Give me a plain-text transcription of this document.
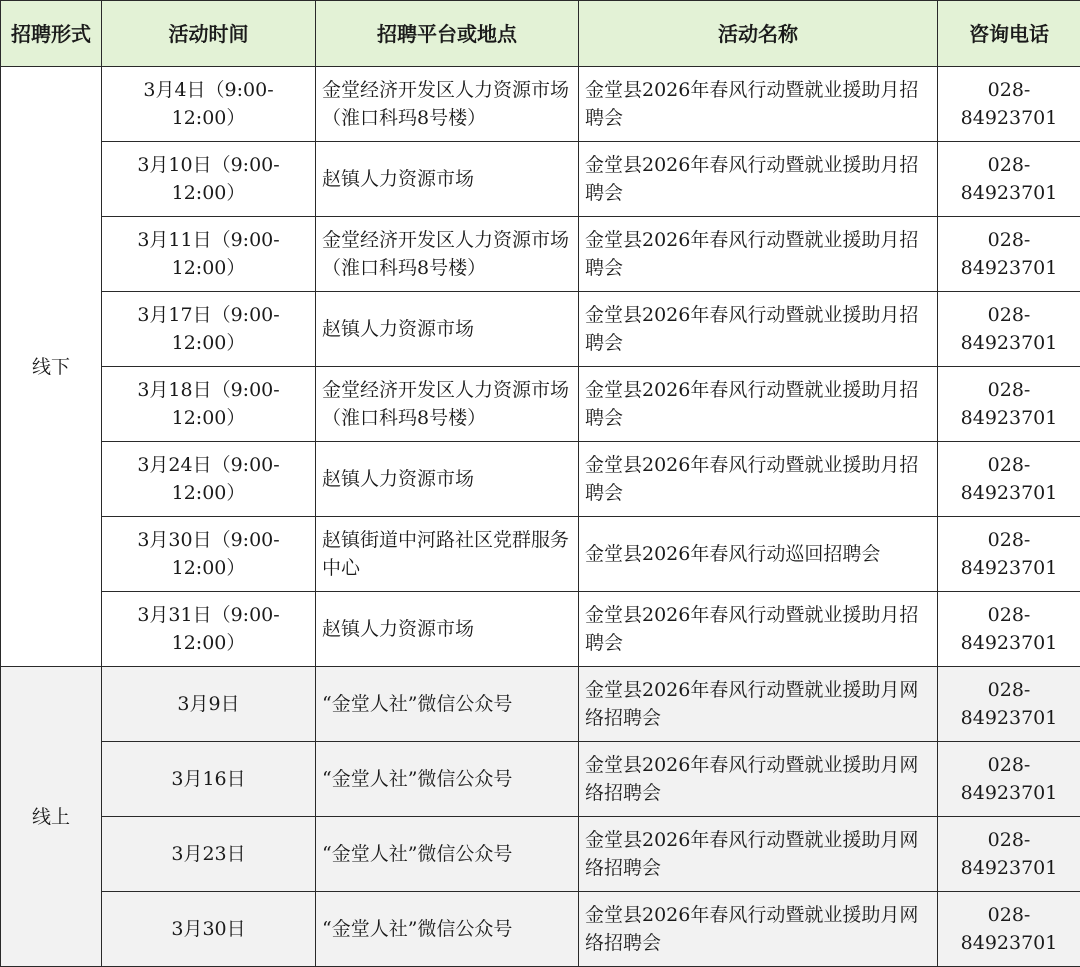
招聘形式	活动时间	招聘平台或地点	活动名称	咨询电话
线下	3月4日（9:00-12:00）	金堂经济开发区人力资源市场（淮口科玛8号楼）	金堂县2026年春风行动暨就业援助月招聘会	028-84923701
	3月10日（9:00-12:00）	赵镇人力资源市场	金堂县2026年春风行动暨就业援助月招聘会	028-84923701
	3月11日（9:00-12:00）	金堂经济开发区人力资源市场（淮口科玛8号楼）	金堂县2026年春风行动暨就业援助月招聘会	028-84923701
	3月17日（9:00-12:00）	赵镇人力资源市场	金堂县2026年春风行动暨就业援助月招聘会	028-84923701
	3月18日（9:00-12:00）	金堂经济开发区人力资源市场（淮口科玛8号楼）	金堂县2026年春风行动暨就业援助月招聘会	028-84923701
	3月24日（9:00-12:00）	赵镇人力资源市场	金堂县2026年春风行动暨就业援助月招聘会	028-84923701
	3月30日（9:00-12:00）	赵镇街道中河路社区党群服务中心	金堂县2026年春风行动巡回招聘会	028-84923701
	3月31日（9:00-12:00）	赵镇人力资源市场	金堂县2026年春风行动暨就业援助月招聘会	028-84923701
线上	3月9日	“金堂人社”微信公众号	金堂县2026年春风行动暨就业援助月网络招聘会	028-84923701
	3月16日	“金堂人社”微信公众号	金堂县2026年春风行动暨就业援助月网络招聘会	028-84923701
	3月23日	“金堂人社”微信公众号	金堂县2026年春风行动暨就业援助月网络招聘会	028-84923701
	3月30日	“金堂人社”微信公众号	金堂县2026年春风行动暨就业援助月网络招聘会	028-84923701
